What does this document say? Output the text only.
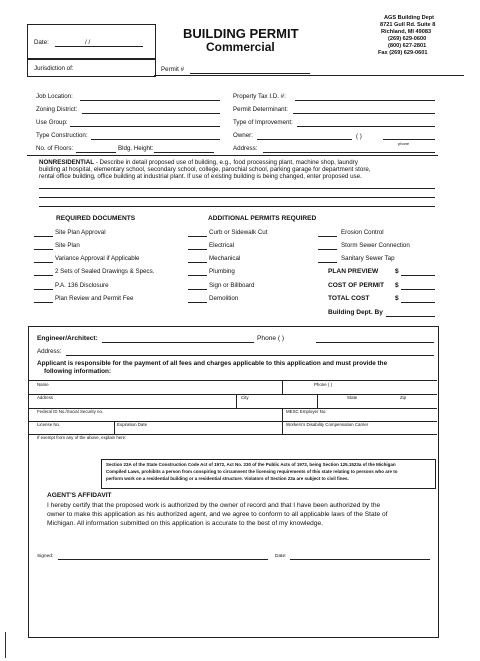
Date:	/ /
BUILDING PERMIT
Commercial
AGS Building Dept
8721 Gull Rd. Suite 8
Richland, MI 49083
(269) 629-0600
(800) 627-2801
Fax (269) 629-0601
Jurisdiction of:	Permit #
Job Location:
Zoning District:
Use Group:
Type Construction:
No. of Floors:	Bldg. Height:
Property Tax I.D. #:
Permit Determinant:
Type of Improvement:
Owner:	( )
phone
Address:
NONRESIDENTIAL - Describe in detail proposed use of building, e.g., food processing plant, machine shop, laundry
building at hospital, elementary school, secondary school, college, parochial school, parking garage for department store,
rental office building, office building at industrial plant. If use of existing building is being changed, enter proposed use.
REQUIRED DOCUMENTS
Site Plan Approval
Site Plan
Variance Approval if Applicable
2 Sets of Sealed Drawings & Specs.
P.A. 136 Disclosure
Plan Review and Permit Fee
ADDITIONAL PERMITS REQUIRED
Curb or Sidewalk Cut
Electrical
Mechanical
Plumbing
Sign or Billboard
Demolition
Erosion Control
Storm Sewer Connection
Sanitary Sewer Tap
PLAN PREVIEW	$
COST OF PERMIT $
TOTAL COST	$
Building Dept. By
Engineer/Architect:	Phone ( )
Address:
Applicant is responsible for the payment of all fees and charges applicable to this application and must provide the
following information:
Name	Phone ( )
Address	City	State	Zip
Federal ID No./Social Security no.	MESC Employer No.
License No.	Expiration Date	Workers's Disability Compensation Carrier
If exempt from any of the above, explain here:
Section 23A of the State Construction Code Act of 1972, Act No. 230 of the Public Acts of 1972, being Section 125.1523a of the Michigan
Compiled Laws, prohibits a person from conspiring to circumvent the licensing requirements of this state relating to persons who are to
perform work on a residential building or a residential structure. Violators of Section 23a are subject to civil fines.
AGENT'S AFFIDAVIT
I hereby certify that the proposed work is authorized by the owner of record and that I have been authorized by the
owner to make this application as his authorized agent, and we agree to conform to all applicable laws of the State of
Michigan. All information submitted on this application is accurate to the best of my knowledge.
Signed:	Date:
